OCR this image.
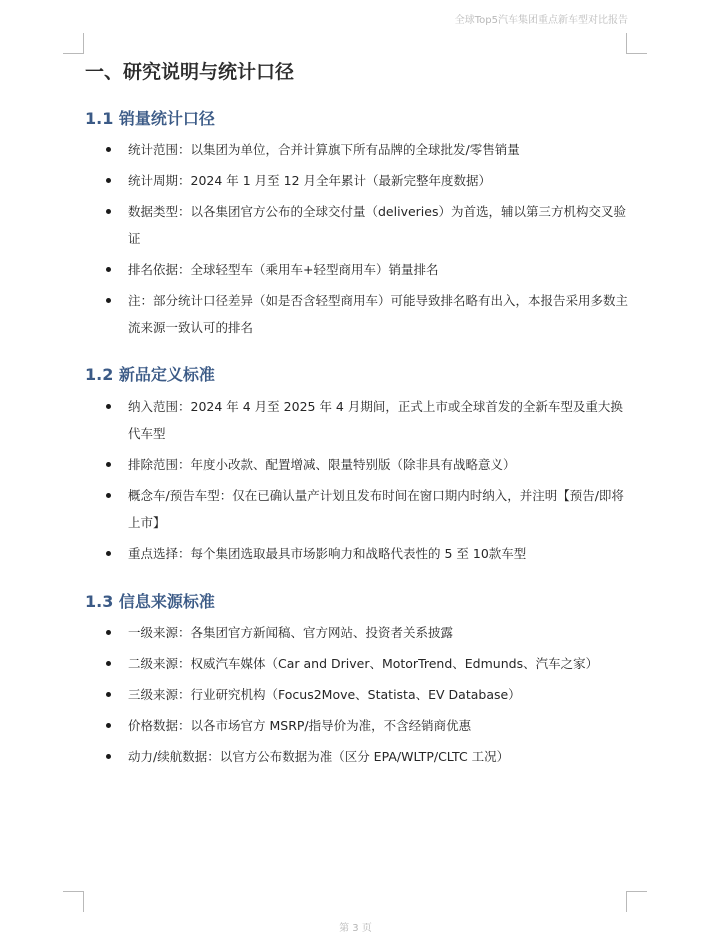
全球Top5汽车集团重点新车型对比报告
一、研究说明与统计口径
1.1 销量统计口径
统计范围：以集团为单位，合并计算旗下所有品牌的全球批发/零售销量
统计周期：2024 年 1 月至 12 月全年累计（最新完整年度数据）
数据类型：以各集团官方公布的全球交付量（deliveries）为首选，辅以第三方机构交叉验证
排名依据：全球轻型车（乘用车+轻型商用车）销量排名
注：部分统计口径差异（如是否含轻型商用车）可能导致排名略有出入，本报告采用多数主流来源一致认可的排名
1.2 新品定义标准
纳入范围：2024 年 4 月至 2025 年 4 月期间，正式上市或全球首发的全新车型及重大换代车型
排除范围：年度小改款、配置增减、限量特别版（除非具有战略意义）
概念车/预告车型：仅在已确认量产计划且发布时间在窗口期内时纳入，并注明【预告/即将上市】
重点选择：每个集团选取最具市场影响力和战略代表性的 5 至 10款车型
1.3 信息来源标准
一级来源：各集团官方新闻稿、官方网站、投资者关系披露
二级来源：权威汽车媒体（Car and Driver、MotorTrend、Edmunds、汽车之家）
三级来源：行业研究机构（Focus2Move、Statista、EV Database）
价格数据：以各市场官方 MSRP/指导价为准，不含经销商优惠
动力/续航数据：以官方公布数据为准（区分 EPA/WLTP/CLTC 工况）
第 3 页
